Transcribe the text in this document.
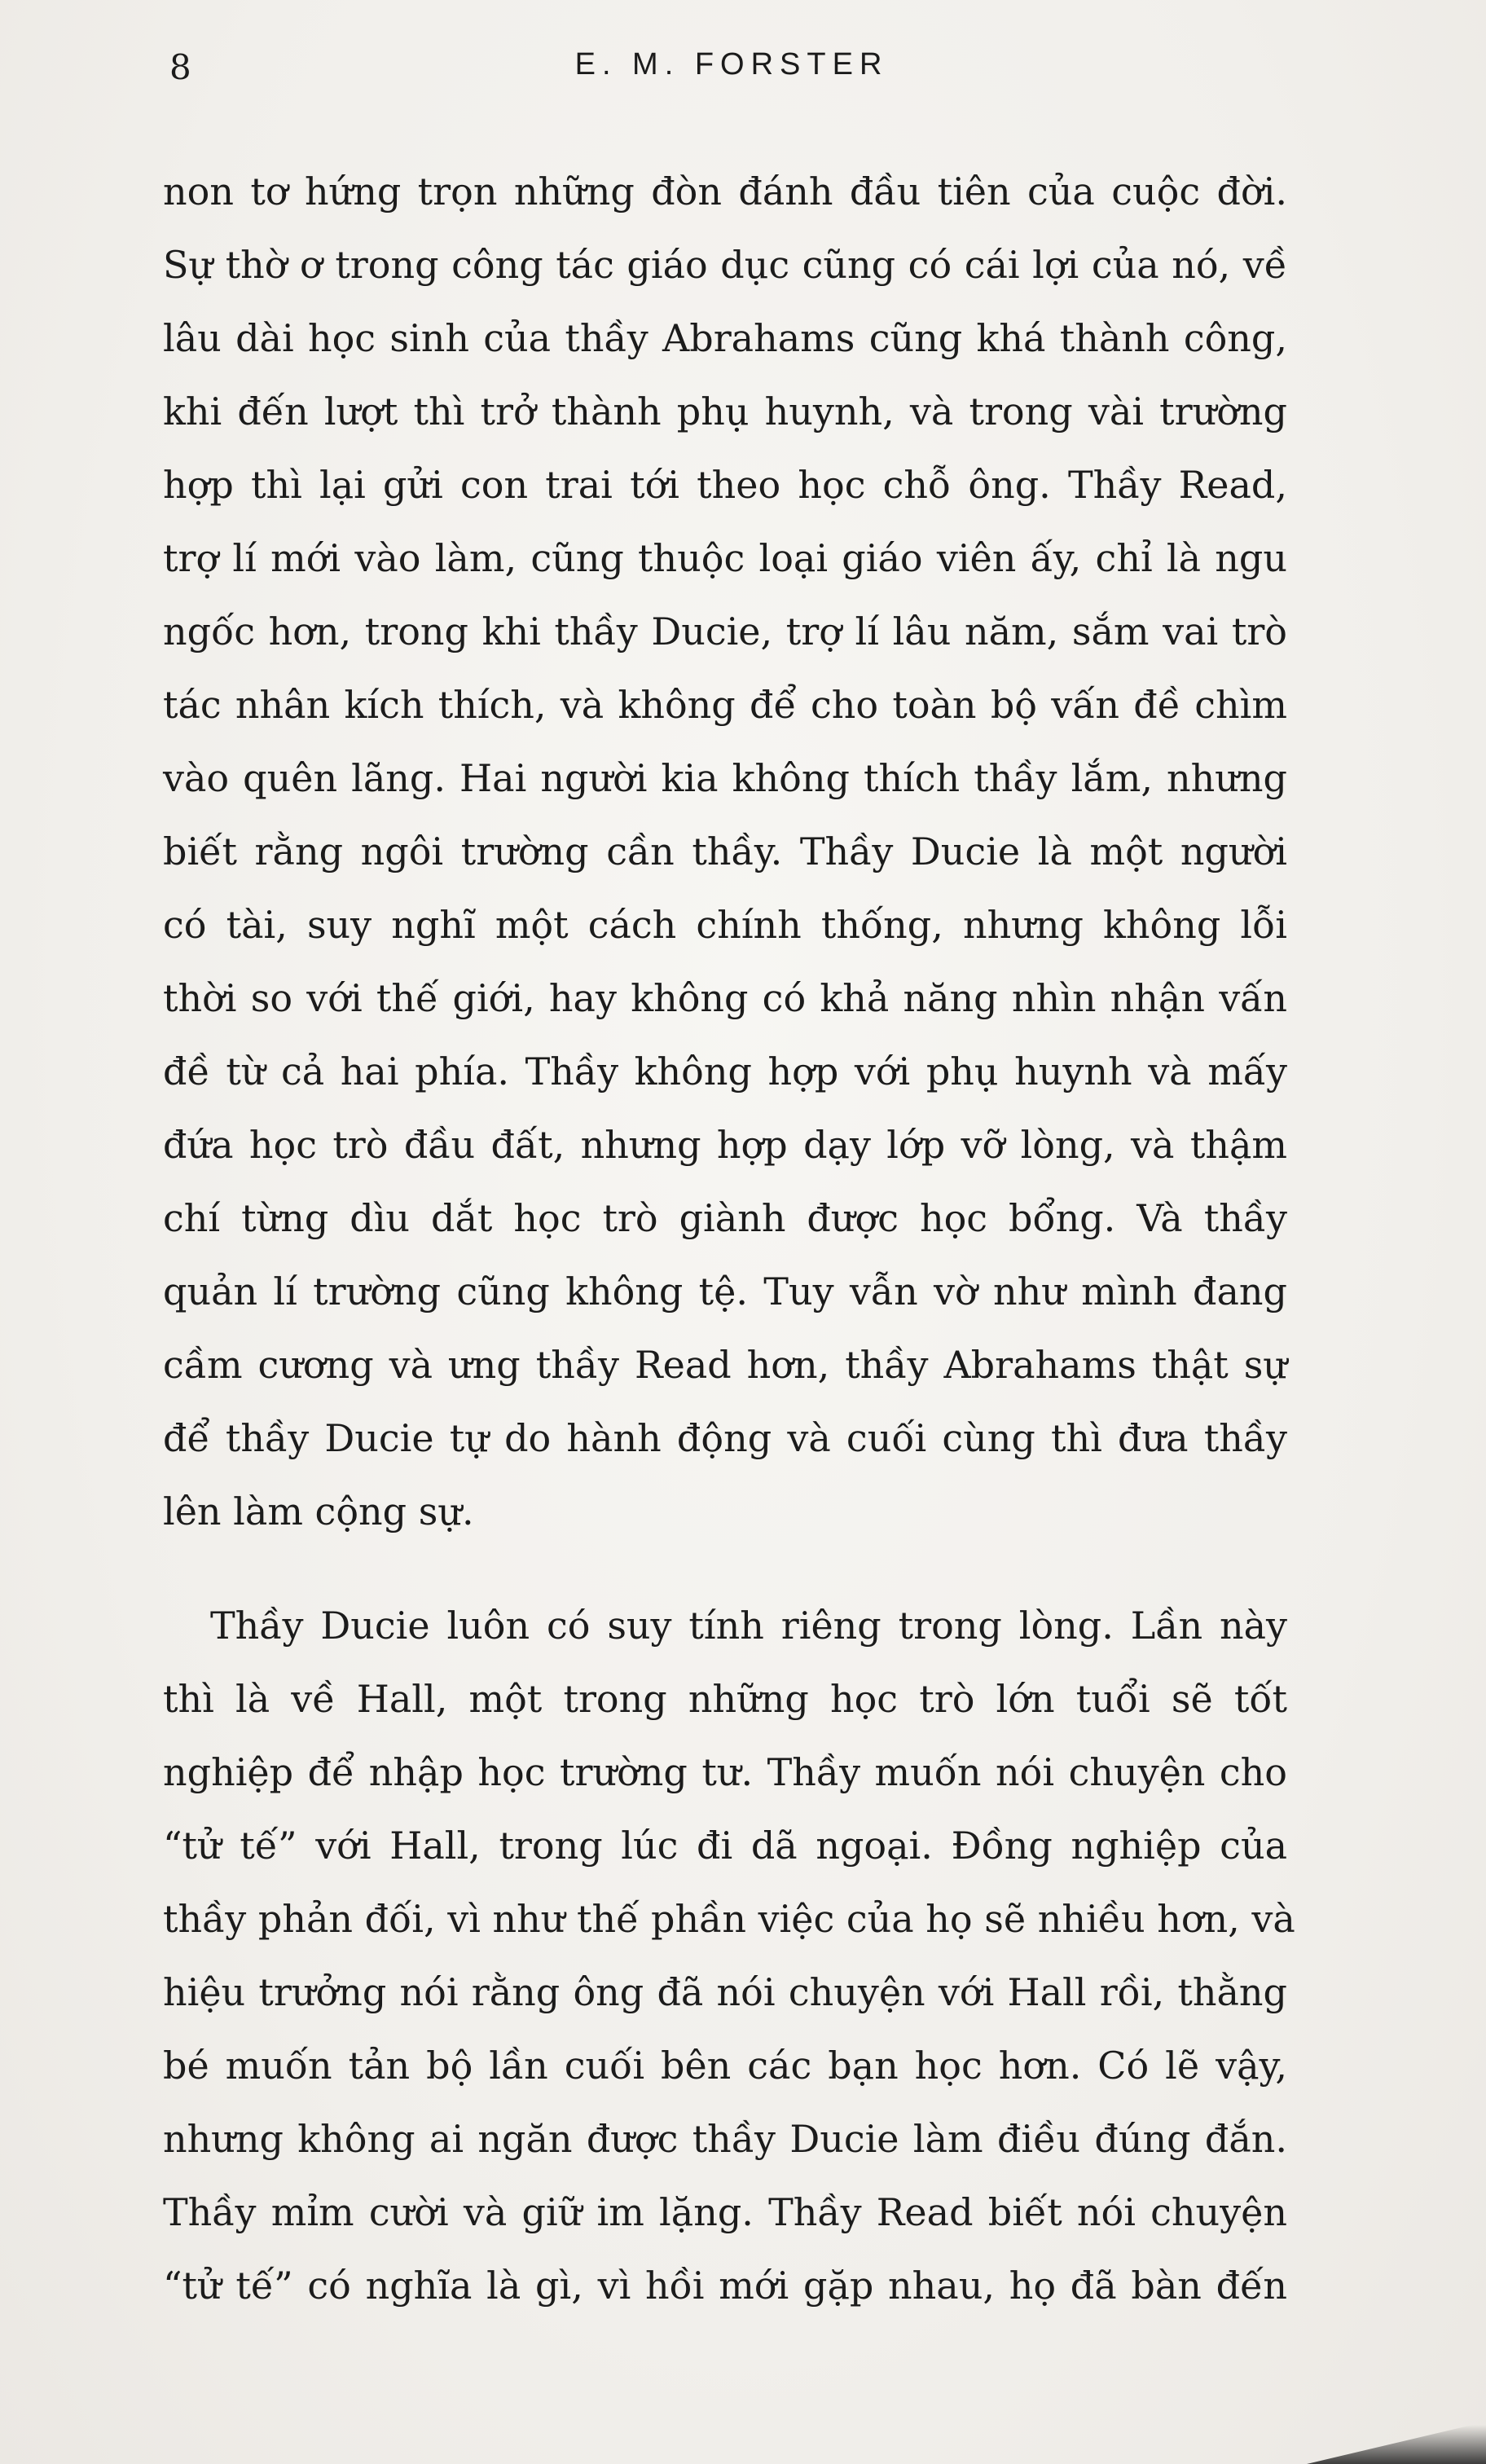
8	E. M. FORSTER
non tơ hứng trọn những đòn đánh đầu tiên của cuộc đời.
Sự thờ ơ trong công tác giáo dục cũng có cái lợi của nó, về
lâu dài học sinh của thầy Abrahams cũng khá thành công,
khi đến lượt thì trở thành phụ huynh, và trong vài trường
hợp thì lại gửi con trai tới theo học chỗ ông. Thầy Read,
trợ lí mới vào làm, cũng thuộc loại giáo viên ấy, chỉ là ngu
ngốc hơn, trong khi thầy Ducie, trợ lí lâu năm, sắm vai trò
tác nhân kích thích, và không để cho toàn bộ vấn đề chìm
vào quên lãng. Hai người kia không thích thầy lắm, nhưng
biết rằng ngôi trường cần thầy. Thầy Ducie là một người
có tài, suy nghĩ một cách chính thống, nhưng không lỗi
thời so với thế giới, hay không có khả năng nhìn nhận vấn
đề từ cả hai phía. Thầy không hợp với phụ huynh và mấy
đứa học trò đầu đất, nhưng hợp dạy lớp vỡ lòng, và thậm
chí từng dìu dắt học trò giành được học bổng. Và thầy
quản lí trường cũng không tệ. Tuy vẫn vờ như mình đang
cầm cương và ưng thầy Read hơn, thầy Abrahams thật sự
để thầy Ducie tự do hành động và cuối cùng thì đưa thầy
lên làm cộng sự.
Thầy Ducie luôn có suy tính riêng trong lòng. Lần này
thì là về Hall, một trong những học trò lớn tuổi sẽ tốt
nghiệp để nhập học trường tư. Thầy muốn nói chuyện cho
“tử tế” với Hall, trong lúc đi dã ngoại. Đồng nghiệp của
thầy phản đối, vì như thế phần việc của họ sẽ nhiều hơn, và
hiệu trưởng nói rằng ông đã nói chuyện với Hall rồi, thằng
bé muốn tản bộ lần cuối bên các bạn học hơn. Có lẽ vậy,
nhưng không ai ngăn được thầy Ducie làm điều đúng đắn.
Thầy mỉm cười và giữ im lặng. Thầy Read biết nói chuyện
“tử tế” có nghĩa là gì, vì hồi mới gặp nhau, họ đã bàn đến
